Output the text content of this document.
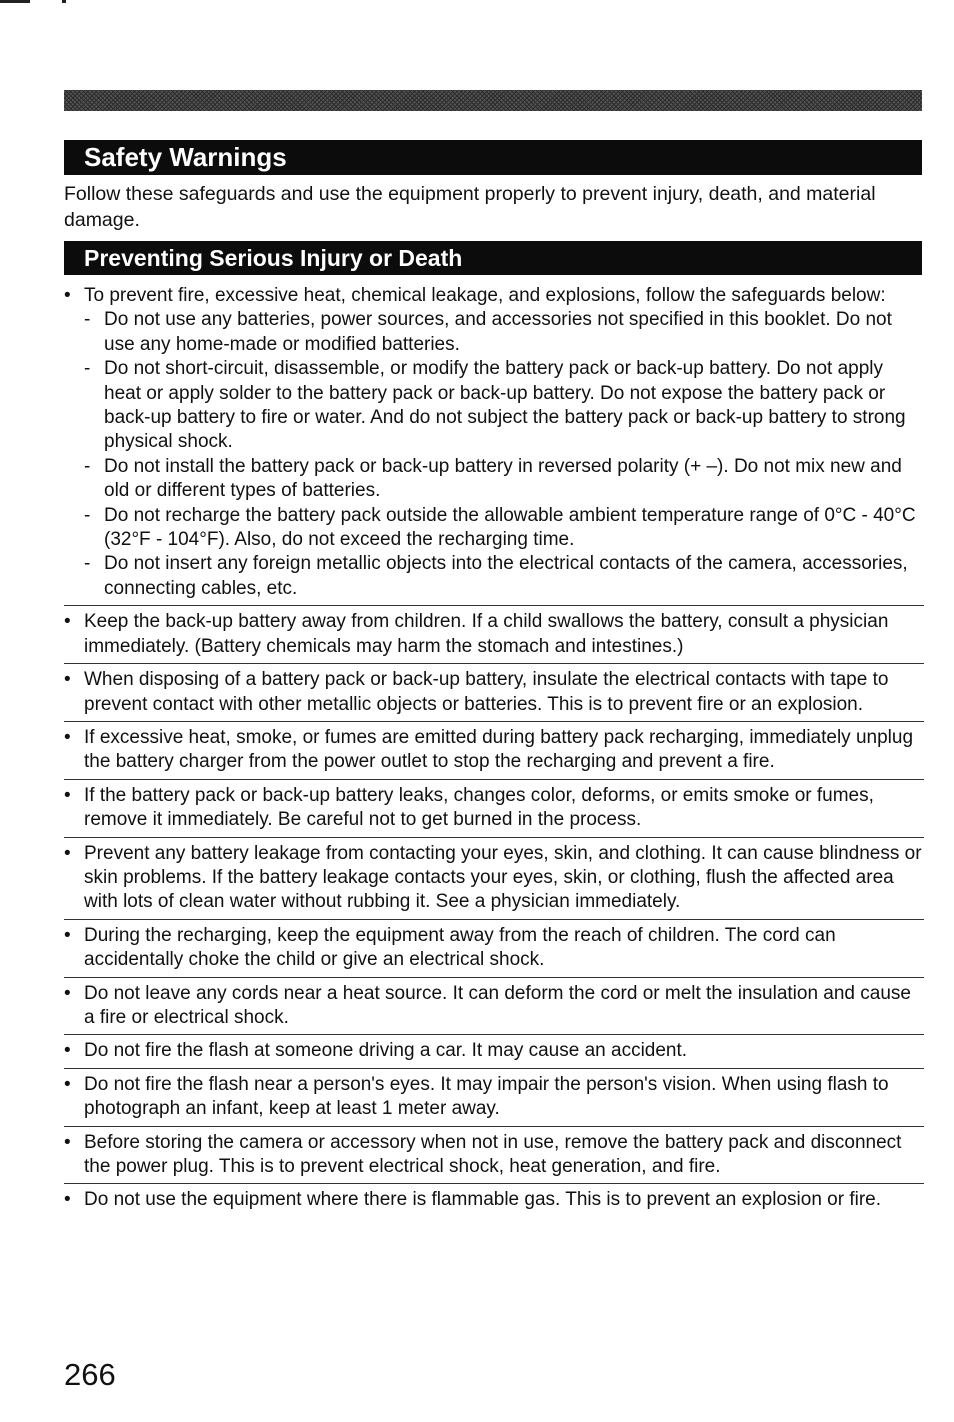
Safety Warnings

Follow these safeguards and use the equipment properly to prevent injury, death, and material damage.

Preventing Serious Injury or Death
• To prevent fire, excessive heat, chemical leakage, and explosions, follow the safeguards below:
- Do not use any batteries, power sources, and accessories not specified in this booklet. Do not use any home-made or modified batteries.
- Do not short-circuit, disassemble, or modify the battery pack or back-up battery. Do not apply heat or apply solder to the battery pack or back-up battery. Do not expose the battery pack or back-up battery to fire or water. And do not subject the battery pack or back-up battery to strong physical shock.
- Do not install the battery pack or back-up battery in reversed polarity (+ –). Do not mix new and old or different types of batteries.
- Do not recharge the battery pack outside the allowable ambient temperature range of 0°C - 40°C (32°F - 104°F). Also, do not exceed the recharging time.
- Do not insert any foreign metallic objects into the electrical contacts of the camera, accessories, connecting cables, etc.
• Keep the back-up battery away from children. If a child swallows the battery, consult a physician immediately. (Battery chemicals may harm the stomach and intestines.)
• When disposing of a battery pack or back-up battery, insulate the electrical contacts with tape to prevent contact with other metallic objects or batteries. This is to prevent fire or an explosion.
• If excessive heat, smoke, or fumes are emitted during battery pack recharging, immediately unplug the battery charger from the power outlet to stop the recharging and prevent a fire.
• If the battery pack or back-up battery leaks, changes color, deforms, or emits smoke or fumes, remove it immediately. Be careful not to get burned in the process.
• Prevent any battery leakage from contacting your eyes, skin, and clothing. It can cause blindness or skin problems. If the battery leakage contacts your eyes, skin, or clothing, flush the affected area with lots of clean water without rubbing it. See a physician immediately.
• During the recharging, keep the equipment away from the reach of children. The cord can accidentally choke the child or give an electrical shock.
• Do not leave any cords near a heat source. It can deform the cord or melt the insulation and cause a fire or electrical shock.
• Do not fire the flash at someone driving a car. It may cause an accident.
• Do not fire the flash near a person's eyes. It may impair the person's vision. When using flash to photograph an infant, keep at least 1 meter away.
• Before storing the camera or accessory when not in use, remove the battery pack and disconnect the power plug. This is to prevent electrical shock, heat generation, and fire.
• Do not use the equipment where there is flammable gas. This is to prevent an explosion or fire.
266
